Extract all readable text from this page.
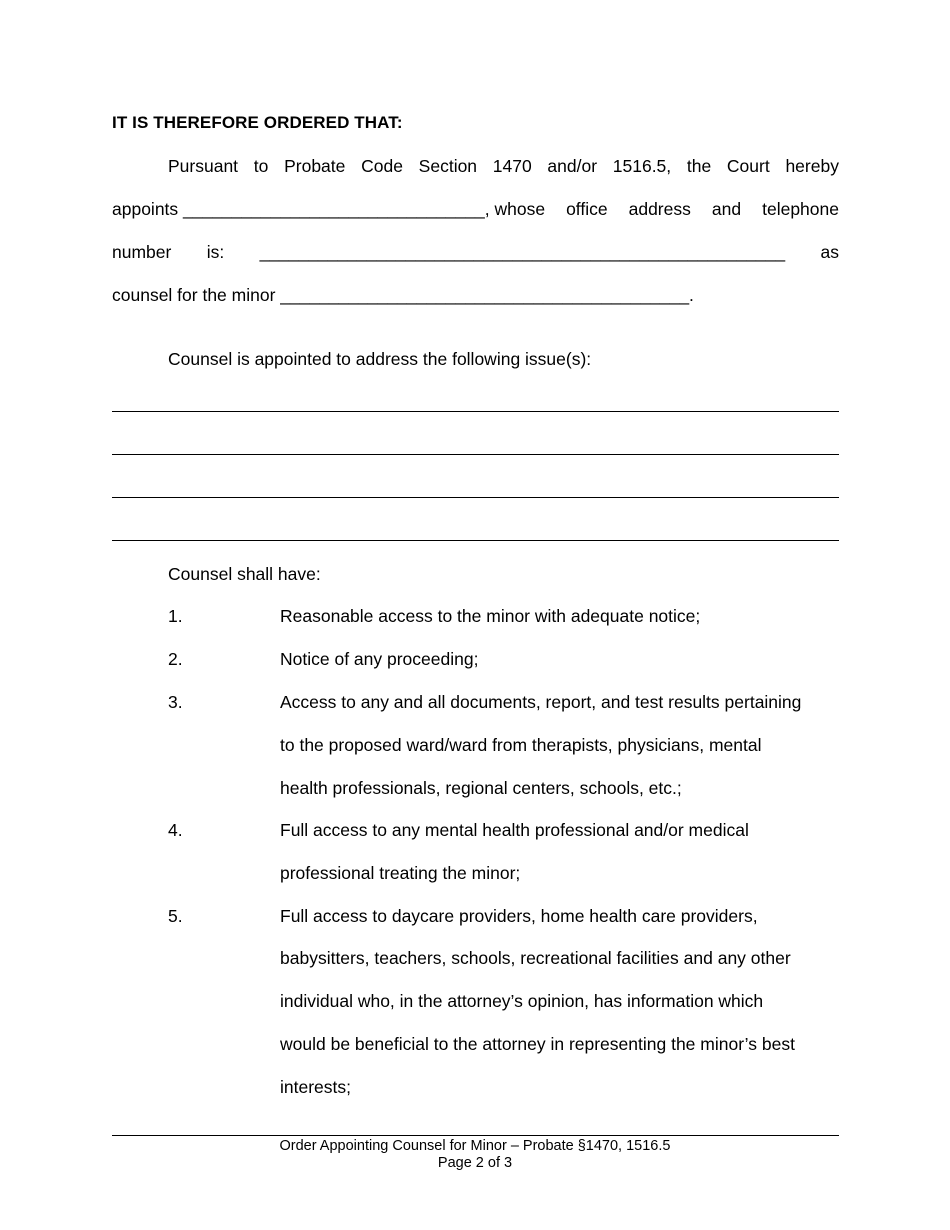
IT IS THEREFORE ORDERED THAT:
Pursuant to Probate Code Section 1470 and/or 1516.5, the Court hereby
appoints _______________________________, whose office address and telephone
number is: ______________________________________________________ as
counsel for the minor __________________________________________.
Counsel is appointed to address the following issue(s):
Counsel shall have:
1.	Reasonable access to the minor with adequate notice;
2.	Notice of any proceeding;
3.	Access to any and all documents, report, and test results pertaining
to the proposed ward/ward from therapists, physicians, mental
health professionals, regional centers, schools, etc.;
4.	Full access to any mental health professional and/or medical
professional treating the minor;
5.	Full access to daycare providers, home health care providers,
babysitters, teachers, schools, recreational facilities and any other
individual who, in the attorney’s opinion, has information which
would be beneficial to the attorney in representing the minor’s best
interests;
Order Appointing Counsel for Minor – Probate §1470, 1516.5
Page 2 of 3
